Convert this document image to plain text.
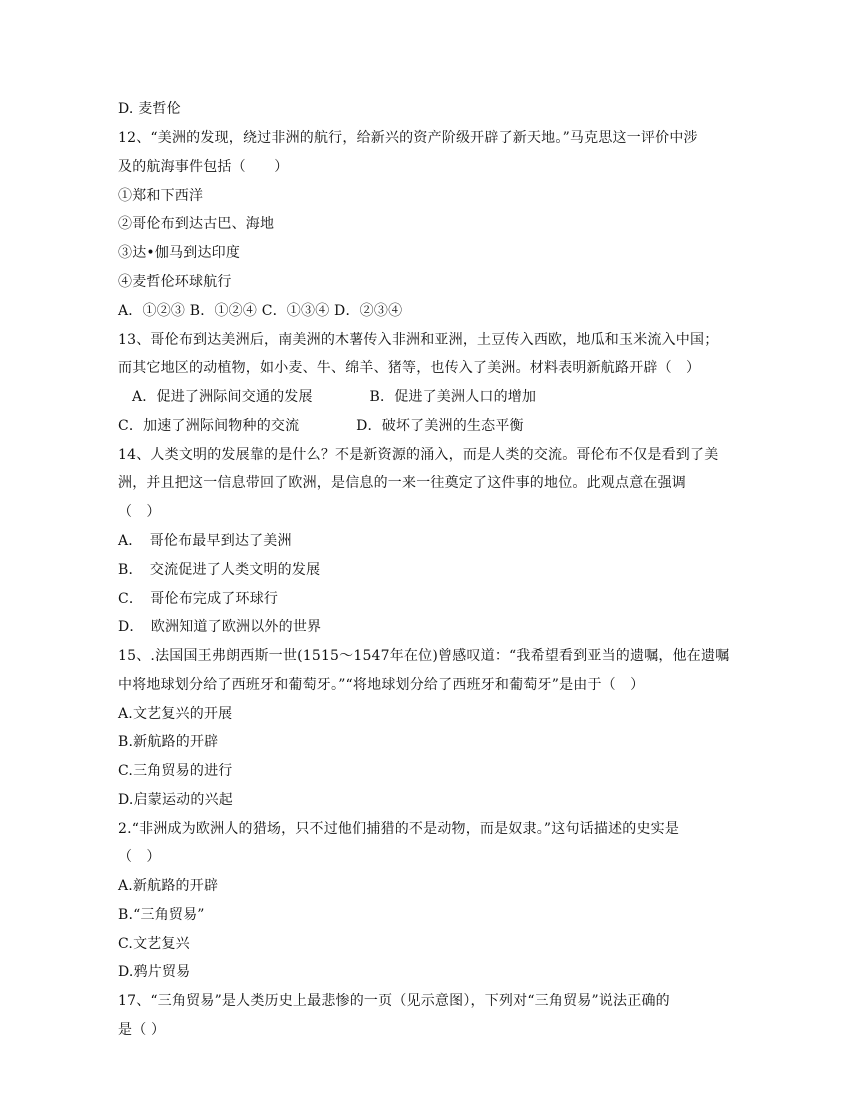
D. 麦哲伦
12、“美洲的发现，绕过非洲的航行，给新兴的资产阶级开辟了新天地。”马克思这一评价中涉
及的航海事件包括（　　）
①郑和下西洋
②哥伦布到达古巴、海地
③达•伽马到达印度
④麦哲伦环球航行
A．①②③ B．①②④ C．①③④ D．②③④
13、哥伦布到达美洲后，南美洲的木薯传入非洲和亚洲，土豆传入西欧，地瓜和玉米流入中国；
而其它地区的动植物，如小麦、牛、绵羊、猪等，也传入了美洲。材料表明新航路开辟（　）
A．促进了洲际间交通的发展　　　　B．促进了美洲人口的增加
C．加速了洲际间物种的交流　　　　D．破坏了美洲的生态平衡
14、人类文明的发展靠的是什么？不是新资源的涌入，而是人类的交流。哥伦布不仅是看到了美
洲，并且把这一信息带回了欧洲，是信息的一来一往奠定了这件事的地位。此观点意在强调
（　）
A．　哥伦布最早到达了美洲
B．　交流促进了人类文明的发展
C．　哥伦布完成了环球行
D．　欧洲知道了欧洲以外的世界
15、.法国国王弗朗西斯一世(1515～1547年在位)曾感叹道：“我希望看到亚当的遗嘱，他在遗嘱
中将地球划分给了西班牙和葡萄牙。”“将地球划分给了西班牙和葡萄牙”是由于（　）
A.文艺复兴的开展
B.新航路的开辟
C.三角贸易的进行
D.启蒙运动的兴起
2.“非洲成为欧洲人的猎场，只不过他们捕猎的不是动物，而是奴隶。”这句话描述的史实是
（　）
A.新航路的开辟
B.“三角贸易”
C.文艺复兴
D.鸦片贸易
17、“三角贸易”是人类历史上最悲惨的一页（见示意图），下列对“三角贸易”说法正确的
是（ ）
